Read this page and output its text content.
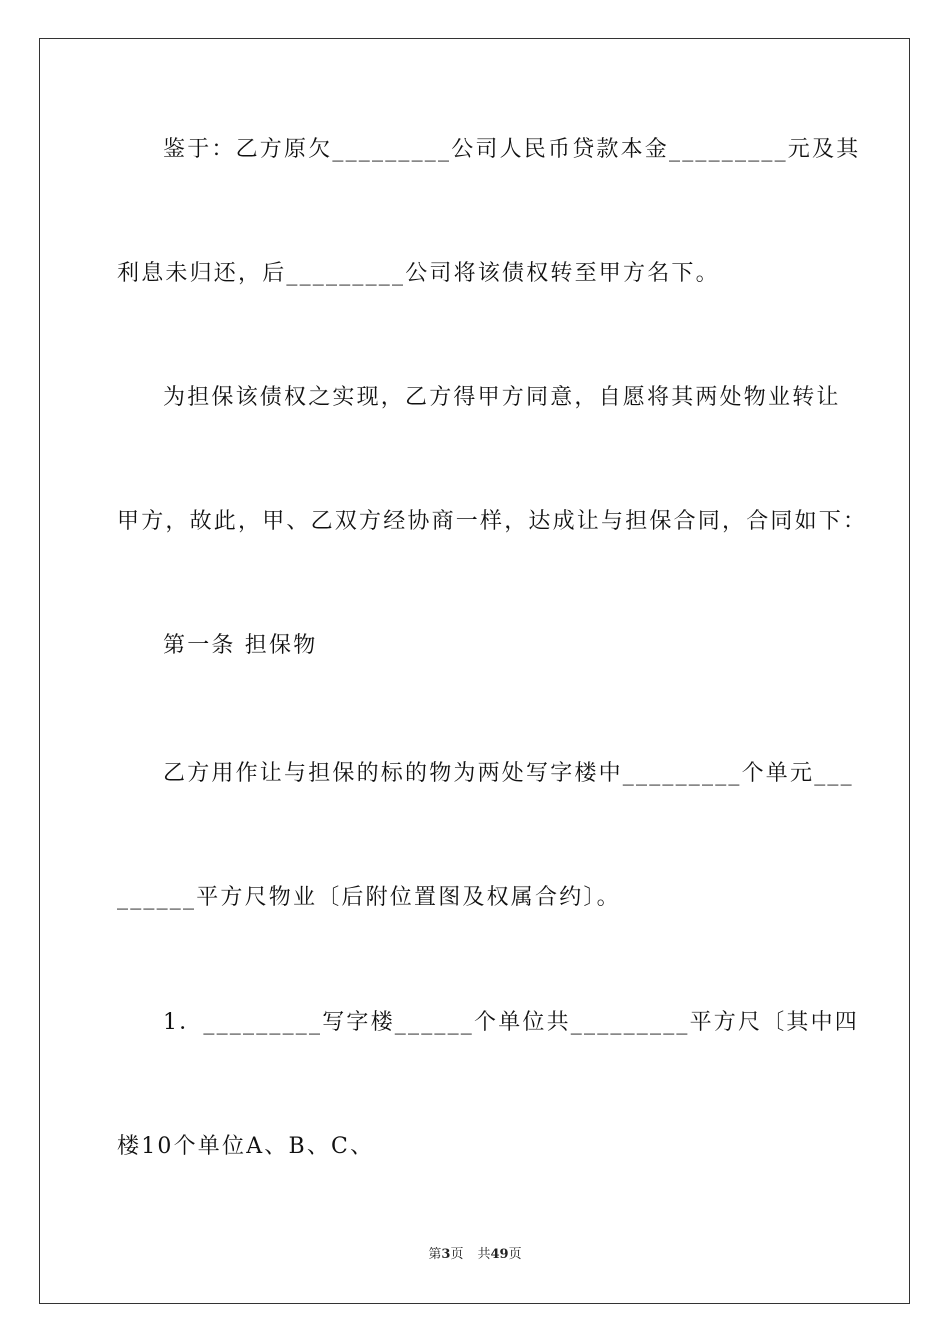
鉴于：乙方原欠_________公司人民币贷款本金_________元及其
利息未归还，后_________公司将该债权转至甲方名下。
为担保该债权之实现，乙方得甲方同意，自愿将其两处物业转让
甲方，故此，甲、乙双方经协商一样，达成让与担保合同，合同如下：
第一条 担保物
乙方用作让与担保的标的物为两处写字楼中_________个单元___
______平方尺物业〔后附位置图及权属合约〕。
1．_________写字楼______个单位共_________平方尺〔其中四
楼10个单位A、B、C、
第3页 共49页
